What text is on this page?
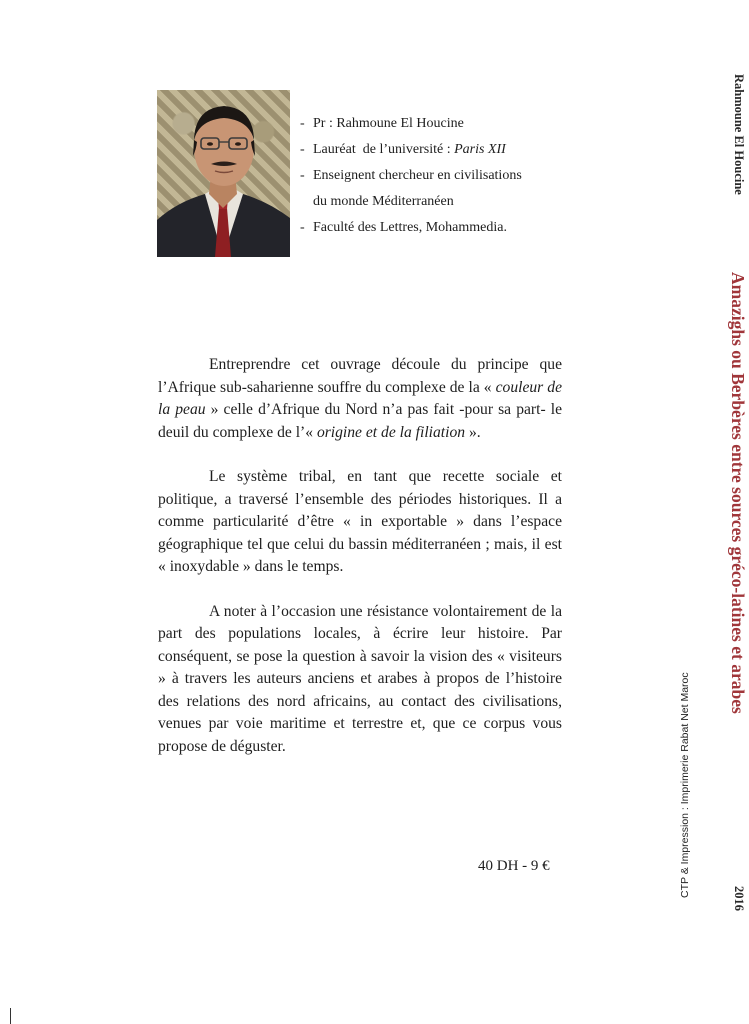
- Pr : Rahmoune El Houcine
- Lauréat  de l’université : Paris XII
- Enseignent chercheur en civilisations
du monde Méditerranéen
- Faculté des Lettres, Mohammedia.

Entreprendre cet ouvrage découle du principe que l’Afrique sub-saharienne souffre du complexe de la « couleur de la peau » celle d’Afrique du Nord n’a pas fait -pour sa part- le deuil du complexe de l’« origine et de la filiation ».

Le système tribal, en tant que recette sociale et politique, a traversé l’ensemble des périodes historiques. Il a comme particularité d’être « in exportable » dans l’espace géographique tel que celui du bassin méditerranéen ; mais, il est « inoxydable » dans le temps.

A noter à l’occasion une résistance volontairement de la part des populations locales, à écrire leur histoire. Par conséquent, se pose la question à savoir la vision des « visiteurs » à travers les auteurs anciens et arabes à propos de l’histoire des relations des nord africains, au contact des civilisations, venues par voie maritime et terrestre et, que ce corpus vous propose de déguster.

40 DH - 9 €
Rahmoune El Houcine
Amazighs ou Berbères entre sources gréco-latines et arabes
2016
CTP & Impression : Imprimerie Rabat Net Maroc
